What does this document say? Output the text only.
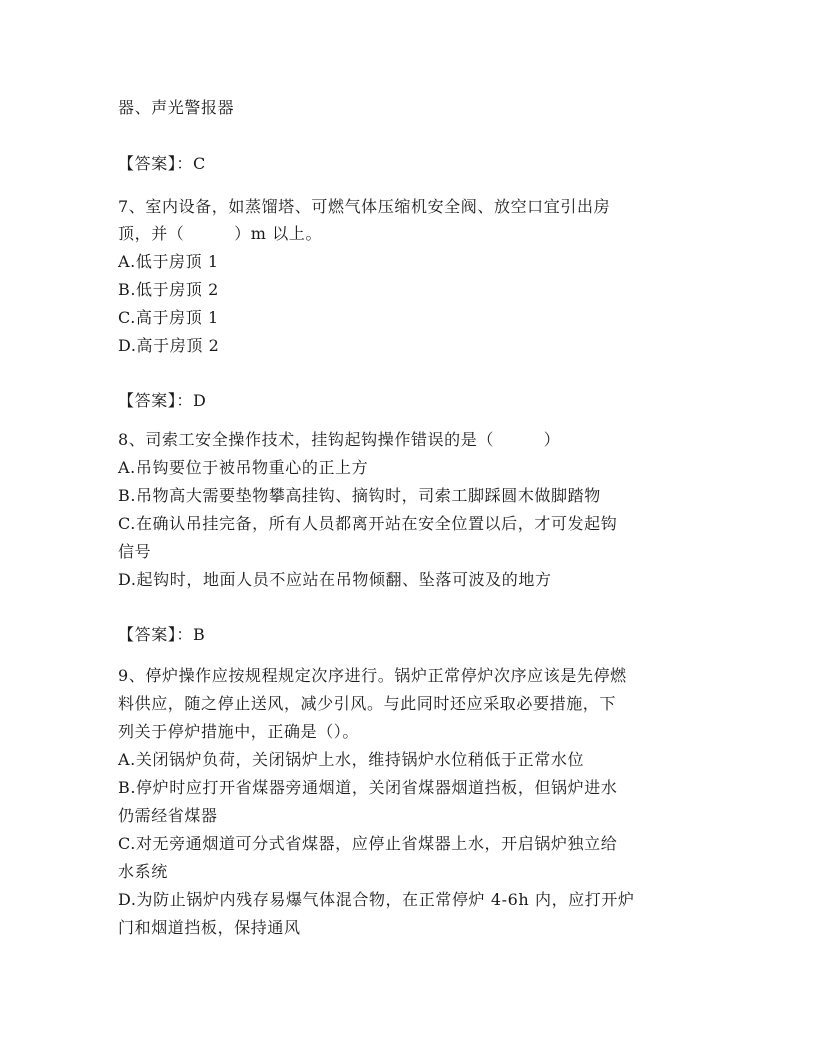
器、声光警报器
【答案】：C
7、室内设备，如蒸馏塔、可燃气体压缩机安全阀、放空口宜引出房
顶，并（　　　）m 以上。
A.低于房顶 1
B.低于房顶 2
C.高于房顶 1
D.高于房顶 2
【答案】：D
8、司索工安全操作技术，挂钩起钩操作错误的是（　　　）
A.吊钩要位于被吊物重心的正上方
B.吊物高大需要垫物攀高挂钩、摘钩时，司索工脚踩圆木做脚踏物
C.在确认吊挂完备，所有人员都离开站在安全位置以后，才可发起钩
信号
D.起钩时，地面人员不应站在吊物倾翻、坠落可波及的地方
【答案】：B
9、停炉操作应按规程规定次序进行。锅炉正常停炉次序应该是先停燃
料供应，随之停止送风，减少引风。与此同时还应采取必要措施，下
列关于停炉措施中，正确是（）。
A.关闭锅炉负荷，关闭锅炉上水，维持锅炉水位稍低于正常水位
B.停炉时应打开省煤器旁通烟道，关闭省煤器烟道挡板，但锅炉进水
仍需经省煤器
C.对无旁通烟道可分式省煤器，应停止省煤器上水，开启锅炉独立给
水系统
D.为防止锅炉内残存易爆气体混合物，在正常停炉 4-6h 内，应打开炉
门和烟道挡板，保持通风
